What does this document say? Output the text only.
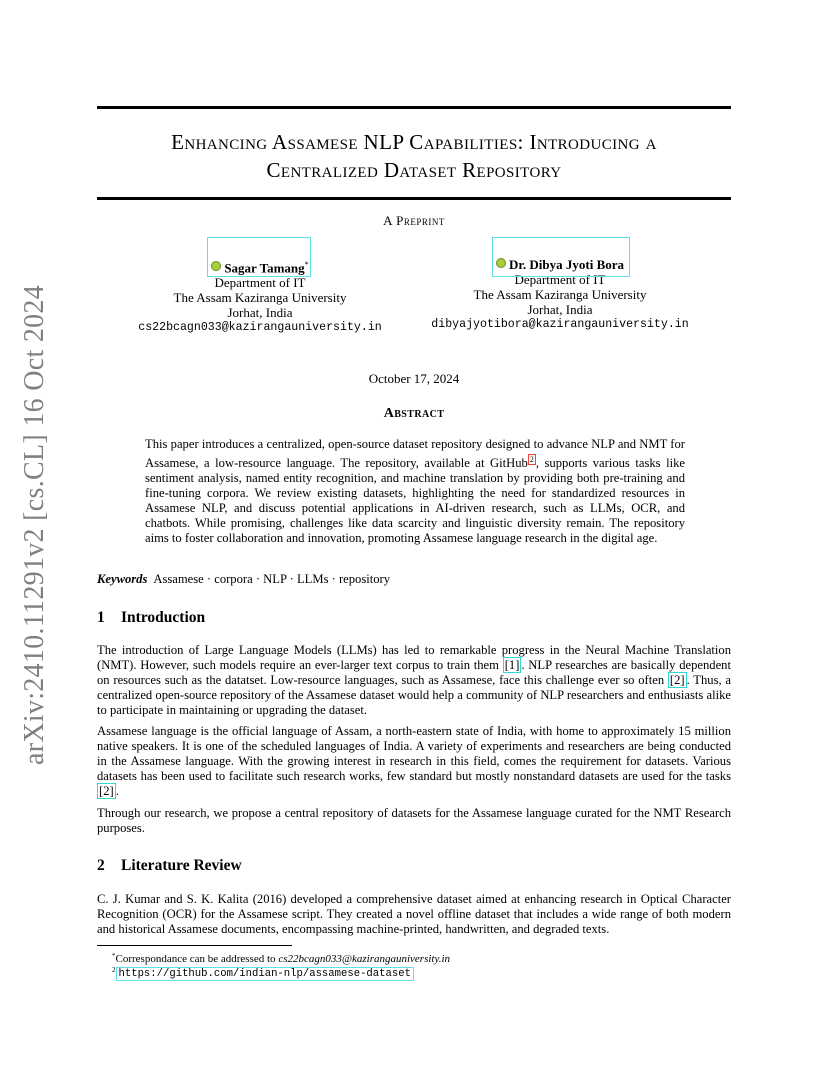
arXiv:2410.11291v2 [cs.CL] 16 Oct 2024
Enhancing Assamese NLP Capabilities: Introducing a
Centralized Dataset Repository
A Preprint
Sagar Tamang*
Department of IT
The Assam Kaziranga University
Jorhat, India
cs22bcagn033@kazirangauniversity.in
Dr. Dibya Jyoti Bora
Department of IT
The Assam Kaziranga University
Jorhat, India
dibyajyotibora@kazirangauniversity.in
October 17, 2024
Abstract
This paper introduces a centralized, open-source dataset repository designed to advance NLP and NMT for Assamese, a low-resource language. The repository, available at GitHub $^2$ , supports various tasks like sentiment analysis, named entity recognition, and machine translation by providing both pre-training and fine-tuning corpora. We review existing datasets, highlighting the need for standardized resources in Assamese NLP, and discuss potential applications in AI-driven research, such as LLMs, OCR, and chatbots. While promising, challenges like data scarcity and linguistic diversity remain. The repository aims to foster collaboration and innovation, promoting Assamese language research in the digital age.
Keywords Assamese · corpora · NLP · LLMs · repository
1 Introduction
The introduction of Large Language Models (LLMs) has led to remarkable progress in the Neural Machine Translation (NMT). However, such models require an ever-larger text corpus to train them [1] . NLP researches are basically dependent on resources such as the datatset. Low-resource languages, such as Assamese, face this challenge ever so often [2] . Thus, a centralized open-source repository of the Assamese dataset would help a community of NLP researchers and enthusiasts alike to participate in maintaining or upgrading the dataset.
Assamese language is the official language of Assam, a north-eastern state of India, with home to approximately 15 million native speakers. It is one of the scheduled languages of India. A variety of experiments and researchers are being conducted in the Assamese language. With the growing interest in research in this field, comes the requirement for datasets. Various datasets has been used to facilitate such research works, few standard but mostly nonstandard datasets are used for the tasks [2] .
Through our research, we propose a central repository of datasets for the Assamese language curated for the NMT Research purposes.
2 Literature Review
C. J. Kumar and S. K. Kalita (2016) developed a comprehensive dataset aimed at enhancing research in Optical Character Recognition (OCR) for the Assamese script. They created a novel offline dataset that includes a wide range of both modern and historical Assamese documents, encompassing machine-printed, handwritten, and degraded texts.
*Correspondance can be addressed to cs22bcagn033@kazirangauniversity.in
$^2$ https://github.com/indian-nlp/assamese-dataset
